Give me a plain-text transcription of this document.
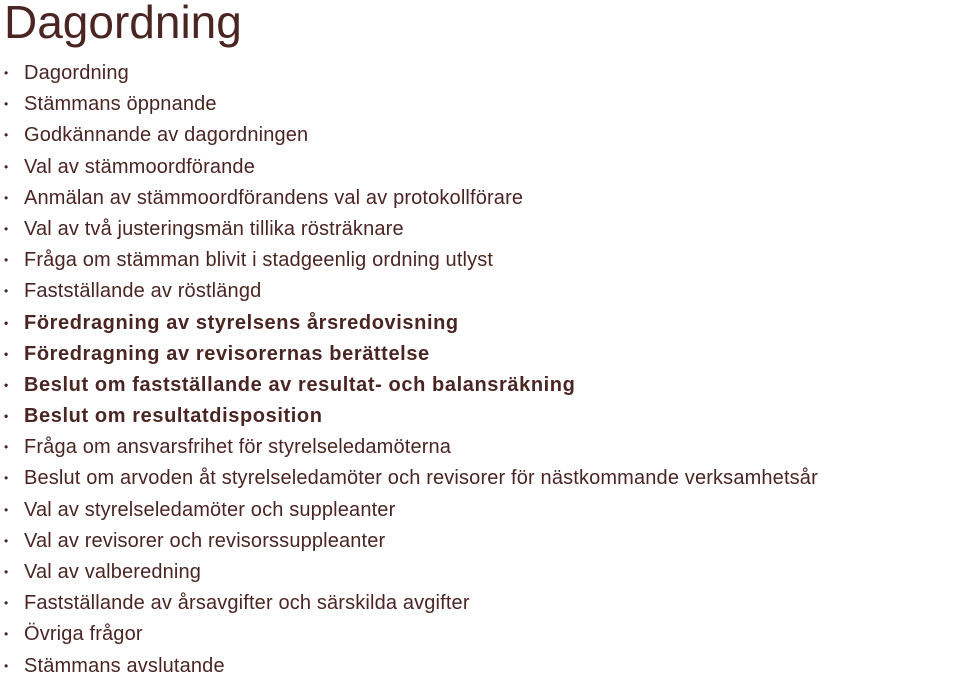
Dagordning
• Dagordning
• Stämmans öppnande
• Godkännande av dagordningen
• Val av stämmoordförande
• Anmälan av stämmoordförandens val av protokollförare
• Val av två justeringsmän tillika rösträknare
• Fråga om stämman blivit i stadgeenlig ordning utlyst
• Fastställande av röstlängd
• Föredragning av styrelsens årsredovisning
• Föredragning av revisorernas berättelse
• Beslut om fastställande av resultat- och balansräkning
• Beslut om resultatdisposition
• Fråga om ansvarsfrihet för styrelseledamöterna
• Beslut om arvoden åt styrelseledamöter och revisorer för nästkommande verksamhetsår
• Val av styrelseledamöter och suppleanter
• Val av revisorer och revisorssuppleanter
• Val av valberedning
• Fastställande av årsavgifter och särskilda avgifter
• Övriga frågor
• Stämmans avslutande
